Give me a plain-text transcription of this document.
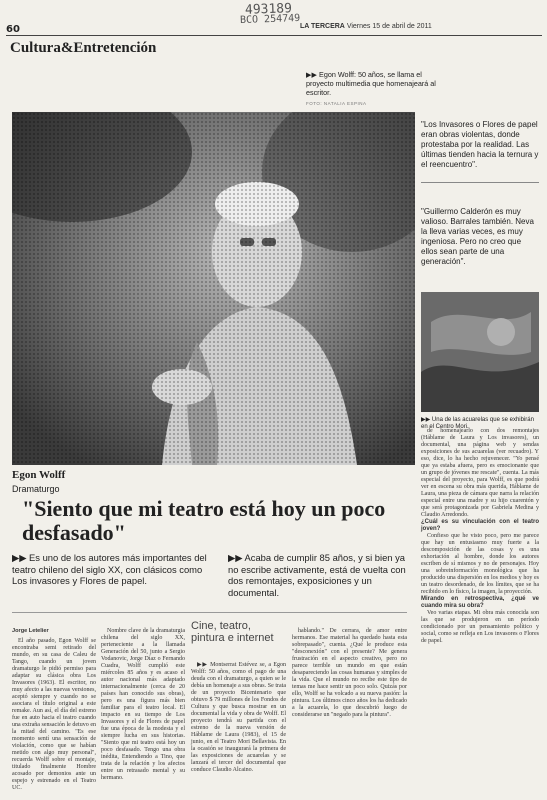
493189
BCO 254749
60	LA TERCERA Viernes 15 de abril de 2011
Cultura&Entretención
▶▶ Egon Wolff: 50 años, se llama el proyecto multimedia que homenajeará al escritor.
FOTO: NATALIA ESPINA

"Los Invasores o Flores de papel eran obras violentas, donde protestaba por la realidad. Las últimas tienden hacia la ternura y el reencuentro".

"Guillermo Calderón es muy valioso. Barrales también. Neva la lleva varias veces, es muy ingeniosa. Pero no creo que ellos sean parte de una generación".

▶▶ Una de las acuarelas que se exhibirán en el Centro Mori.
Egon Wolff
Dramaturgo
"Siento que mi teatro está hoy un poco desfasado"
▶▶ Es uno de los autores más importantes del teatro chileno del siglo XX, con clásicos como Los invasores y Flores de papel.
▶▶ Acaba de cumplir 85 años, y si bien ya no escribe activamente, está de vuelta con dos remontajes, exposiciones y un documental.
Jorge Letelier

El año pasado, Egon Wolff se encontraba semi retirado del mundo, en su casa de Caleu de Tango, cuando un joven dramaturgo le pidió permiso para adaptar su clásica obra Los Invasores (1963). El escritor, no muy afecto a las nuevas versiones, aceptó siempre y cuando no se asociara el título original a este remake. Aun así, el día del estreno fue en auto hacia el teatro cuando una extraña sensación le detuvo en la mitad del camino. "Es ese momento sentí una sensación de violación, como que se habían metido con algo muy personal", recuerda Wolff sobre el montaje, titulado finalmente Hombre acosado por demonios ante un espejo y estrenado en el Teatro UC.

Nombre clave de la dramaturgia chilena del siglo XX, perteneciente a la llamada Generación del 50, junto a Sergio Vodanovic, Jorge Díaz o Fernando Cuadra, Wolff cumplió este miércoles 85 años y es acaso el autor nacional más adaptado internacionalmente (cerca de 20 países han conocido sus obras), pero es una figura más bien familiar para el teatro local. El impacto en su tiempo de Los Invasores y el de Flores de papel fue una época de la modesta y el siempre lucha en sus historias. "Siento que mi teatro está hoy un poco desfasado. Tengo una obra inédita, Entendiendo a Tino, que trata de la relación y los afectos entre un retrasado mental y su hermano.

Cine, teatro, pintura e internet

▶▶ Montserrat Estévez se, a Egon Wolff: 50 años, como el pago de una deuda con el dramaturgo, a quien se le debía un homenaje a sus obras. Se trata de un proyecto Bicentenario que obtuvo $ 79 millones de los Fondos de Cultura y que busca mostrar en un documental la vida y obra de Wolff. El proyecto tendrá su partida con el estreno de la nueva versión de Háblame de Laura (1983), el 15 de junio, en el Teatro Mori Bellavista. En la ocasión se inaugurará la primera de las exposiciones de acuarelas y se lanzará el tercer del documental que conduce Claudio Alcaino.

hablando." De cerrara, de amor entre hermanos. Ese material ha quedado hasta esta sobrepasado", cuenta. ¿Qué le produce esta "desconexión" con el presente? Me genera frustración en el aspecto creativo, pero no parece terrible un mundo en que están desapareciendo las cosas humanas y simples de la vida. Que el mundo no recibe este tipo de temas me hace sentir un poco solo. Quizás por ello, Wolff se ha volcado a su nueva pasión: la pintura. Los últimos cinco años los ha dedicado a la acuarela, lo que descubrió luego de considerarse un "negado para la pintura".

de homenajearlo con dos remontajes (Háblame de Laura y Los invasores), un documental, una página web y sendas exposiciones de sus acuarelas (ver recuadro). Y eso, dice, lo ha hecho rejuvenecer. "Yo pensé que ya estaba afuera, pero es emocionante que un grupo de jóvenes me rescate", cuenta. La más especial del proyecto, para Wolff, es que podrá ver en escena su obra más querida, Háblame de Laura, una pieza de cámara que narra la relación especial entre una madre y su hijo cuarentón y que será protagonizada por Gabriela Medina y Claudio Arredondo.

¿Cuál es su vinculación con el teatro joven?

Confieso que he visto poco, pero me parece que hay un entusiasmo muy fuerte a la descomposición de las cosas y es una exhortación al hombre, donde los autores escriben de sí mismos y no de personajes. Hoy una sobreinformación monológica que ha producido una dispersión en los medios y hoy es un teatro desordenado, de los límites, que se ha recibido en lo físico, la imagen, la proyección.

Mirando en retrospectiva, ¿qué ve cuando mira su obra?

Veo varias etapas. Mi obra más conocida son las que se produjeron en un período condicionado por un pensamiento político y social, como se refleja en Los invasores o Flores de papel.
